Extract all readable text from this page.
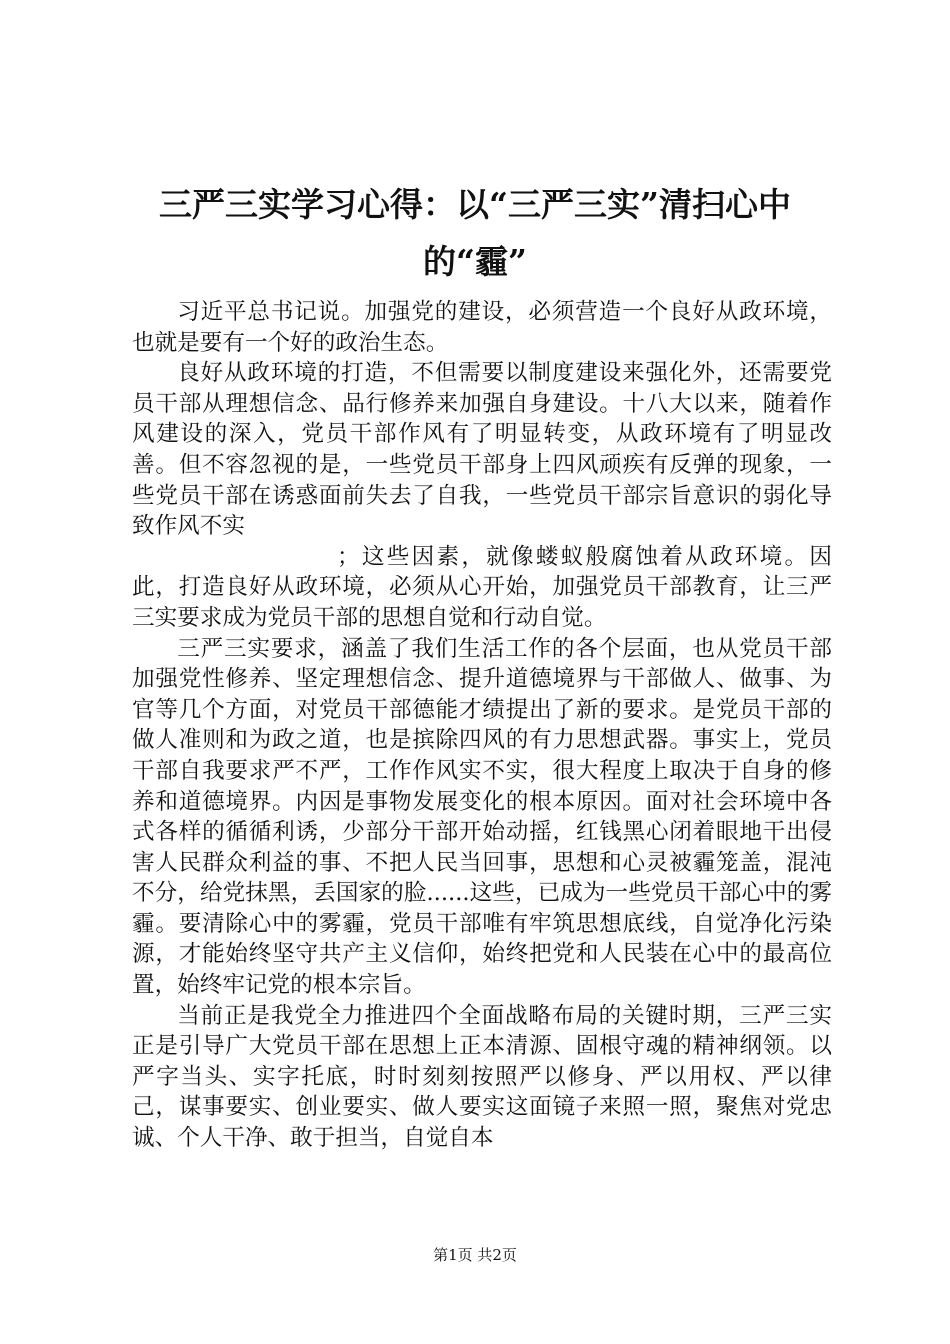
三严三实学习心得：以“三严三实”清扫心中的“霾”

习近平总书记说。加强党的建设，必须营造一个良好从政环境，也就是要有一个好的政治生态。

良好从政环境的打造，不但需要以制度建设来强化外，还需要党员干部从理想信念、品行修养来加强自身建设。十八大以来，随着作风建设的深入，党员干部作风有了明显转变，从政环境有了明显改善。但不容忽视的是，一些党员干部身上四风顽疾有反弹的现象，一些党员干部在诱惑面前失去了自我，一些党员干部宗旨意识的弱化导致作风不实

；这些因素，就像蝼蚁般腐蚀着从政环境。因此，打造良好从政环境，必须从心开始，加强党员干部教育，让三严三实要求成为党员干部的思想自觉和行动自觉。

三严三实要求，涵盖了我们生活工作的各个层面，也从党员干部加强党性修养、坚定理想信念、提升道德境界与干部做人、做事、为官等几个方面，对党员干部德能才绩提出了新的要求。是党员干部的做人准则和为政之道，也是摈除四风的有力思想武器。事实上，党员干部自我要求严不严，工作作风实不实，很大程度上取决于自身的修养和道德境界。内因是事物发展变化的根本原因。面对社会环境中各式各样的循循利诱，少部分干部开始动摇，红钱黑心闭着眼地干出侵害人民群众利益的事、不把人民当回事，思想和心灵被霾笼盖，混沌不分，给党抹黑，丢国家的脸......这些，已成为一些党员干部心中的雾霾。要清除心中的雾霾，党员干部唯有牢筑思想底线，自觉净化污染源，才能始终坚守共产主义信仰，始终把党和人民装在心中的最高位置，始终牢记党的根本宗旨。

当前正是我党全力推进四个全面战略布局的关键时期，三严三实正是引导广大党员干部在思想上正本清源、固根守魂的精神纲领。以严字当头、实字托底，时时刻刻按照严以修身、严以用权、严以律己，谋事要实、创业要实、做人要实这面镜子来照一照，聚焦对党忠诚、个人干净、敢于担当，自觉自本

第1页 共2页
